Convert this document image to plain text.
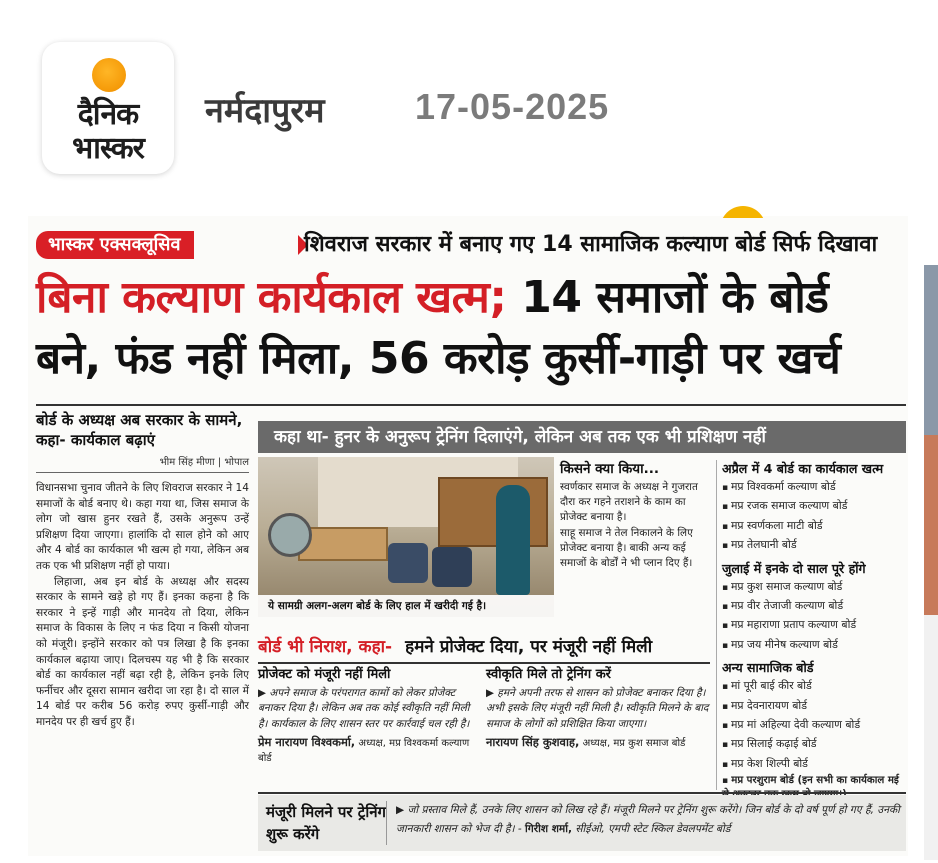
दैनिक
भास्कर
नर्मदापुरम	17-05-2025
भास्कर एक्सक्लूसिव	शिवराज सरकार में बनाए गए 14 सामाजिक कल्याण बोर्ड सिर्फ दिखावा
बिना कल्याण कार्यकाल खत्म; 14 समाजों के बोर्ड
बने, फंड नहीं मिला, 56 करोड़ कुर्सी-गाड़ी पर खर्च
बोर्ड के अध्यक्ष अब सरकार के सामने, कहा- कार्यकाल बढ़ाएं
भीम सिंह मीणा | भोपाल

विधानसभा चुनाव जीतने के लिए शिवराज सरकार ने 14 समाजों के बोर्ड बनाए थे। कहा गया था, जिस समाज के लोग जो खास हुनर रखते हैं, उसके अनुरूप उन्हें प्रशिक्षण दिया जाएगा। हालांकि दो साल होने को आए और 4 बोर्ड का कार्यकाल भी खत्म हो गया, लेकिन अब तक एक भी प्रशिक्षण नहीं हो पाया।

लिहाजा, अब इन बोर्ड के अध्यक्ष और सदस्य सरकार के सामने खड़े हो गए हैं। इनका कहना है कि सरकार ने इन्हें गाड़ी और मानदेय तो दिया, लेकिन समाज के विकास के लिए न फंड दिया न किसी योजना को मंजूरी। इन्होंने सरकार को पत्र लिखा है कि इनका कार्यकाल बढ़ाया जाए। दिलचस्प यह भी है कि सरकार बोर्ड का कार्यकाल नहीं बढ़ा रही है, लेकिन इनके लिए फर्नीचर और दूसरा सामान खरीदा जा रहा है। दो साल में 14 बोर्ड पर करीब 56 करोड़ रुपए कुर्सी-गाड़ी और मानदेय पर ही खर्च हुए हैं।

कहा था- हुनर के अनुरूप ट्रेनिंग दिलाएंगे, लेकिन अब तक एक भी प्रशिक्षण नहीं
ये सामग्री अलग-अलग बोर्ड के लिए हाल में खरीदी गई है।
किसने क्या किया...

स्वर्णकार समाज के अध्यक्ष ने गुजरात दौरा कर गहने तराशने के काम का प्रोजेक्ट बनाया है।

साहू समाज ने तेल निकालने के लिए प्रोजेक्ट बनाया है। बाकी अन्य कई समाजों के बोर्डों ने भी प्लान दिए हैं।

अप्रैल में 4 बोर्ड का कार्यकाल खत्म
▪ मप्र विश्वकर्मा कल्याण बोर्ड
▪ मप्र रजक समाज कल्याण बोर्ड
▪ मप्र स्वर्णकला माटी बोर्ड
▪ मप्र तेलघानी बोर्ड
जुलाई में इनके दो साल पूरे होंगे
▪ मप्र कुश समाज कल्याण बोर्ड
▪ मप्र वीर तेजाजी कल्याण बोर्ड
▪ मप्र महाराणा प्रताप कल्याण बोर्ड
▪ मप्र जय मीनेष कल्याण बोर्ड
अन्य सामाजिक बोर्ड
▪ मां पूरी बाई कीर बोर्ड
▪ मप्र देवनारायण बोर्ड
▪ मप्र मां अहिल्या देवी कल्याण बोर्ड
▪ मप्र सिलाई कढ़ाई बोर्ड
▪ मप्र केश शिल्पी बोर्ड
▪ मप्र परशुराम बोर्ड (इन सभी का कार्यकाल मई
बोर्ड भी निराश, कहा- हमने प्रोजेक्ट दिया, पर मंजूरी नहीं मिली
प्रोजेक्ट को मंजूरी नहीं मिली
▶ अपने समाज के परंपरागत कामों को लेकर प्रोजेक्ट बनाकर दिया है। लेकिन अब तक कोई स्वीकृति नहीं मिली है। कार्यकाल के लिए शासन स्तर पर कार्रवाई चल रही है।
प्रेम नारायण विश्वकर्मा, अध्यक्ष, मप्र विश्वकर्मा कल्याण बोर्ड
स्वीकृति मिले तो ट्रेनिंग करें
▶ हमने अपनी तरफ से शासन को प्रोजेक्ट बनाकर दिया है। अभी इसके लिए मंजूरी नहीं मिली है। स्वीकृति मिलने के बाद समाज के लोगों को प्रशिक्षित किया जाएगा।
नारायण सिंह कुशवाह, अध्यक्ष, मप्र कुश समाज बोर्ड
मंजूरी मिलने पर ट्रेनिंग शुरू करेंगे
▶ जो प्रस्ताव मिले हैं, उनके लिए शासन को लिख रहे हैं। मंजूरी मिलने पर ट्रेनिंग शुरू करेंगे। जिन बोर्ड के दो वर्ष पूर्ण हो गए हैं, उनकी जानकारी शासन को भेज दी है। - गिरीश शर्मा, सीईओ, एमपी स्टेट स्किल डेवलपमेंट बोर्ड
